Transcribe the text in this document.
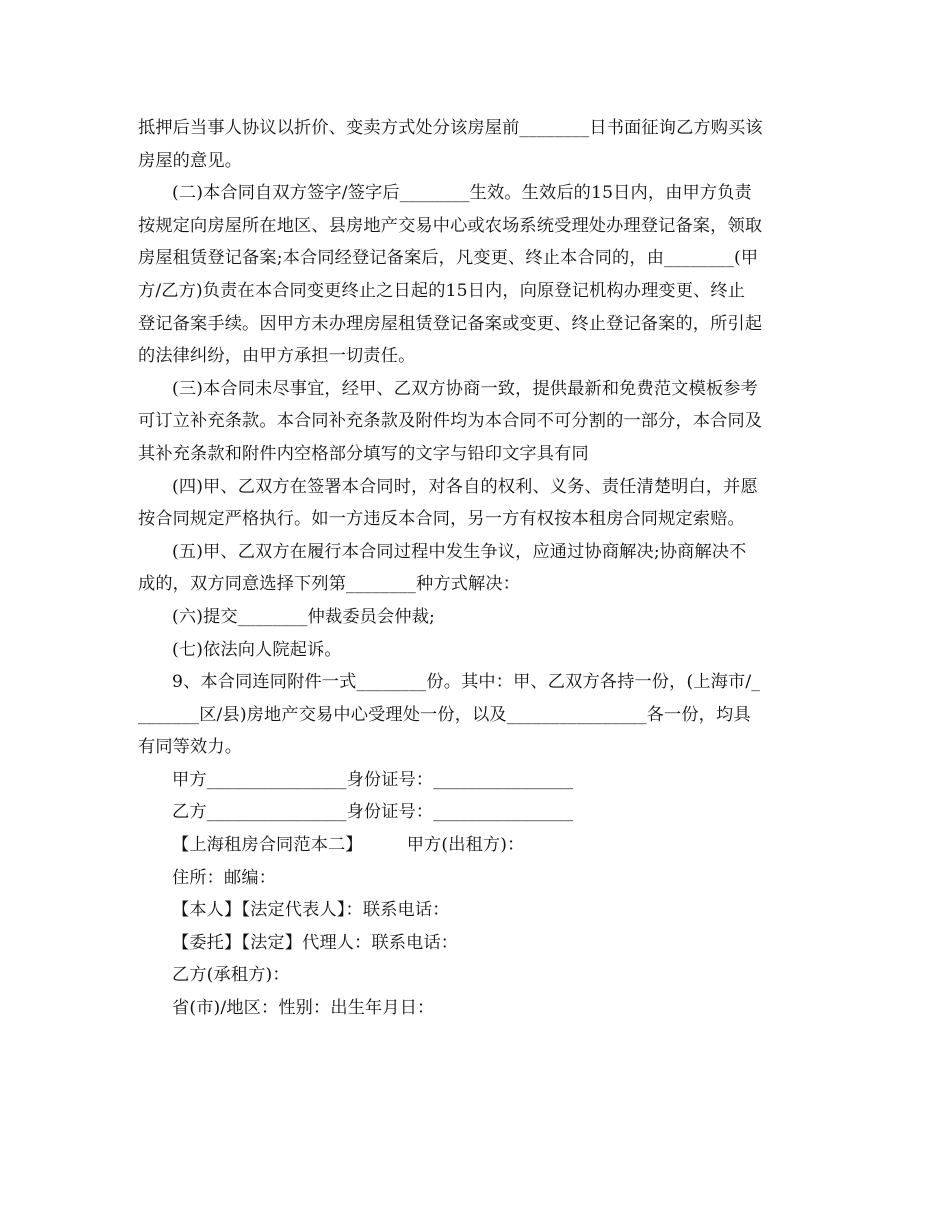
抵押后当事人协议以折价、变卖方式处分该房屋前________日书面征询乙方购买该
房屋的意见。
(二)本合同自双方签字/签字后________生效。生效后的15日内，由甲方负责
按规定向房屋所在地区、县房地产交易中心或农场系统受理处办理登记备案，领取
房屋租赁登记备案;本合同经登记备案后，凡变更、终止本合同的，由________(甲
方/乙方)负责在本合同变更终止之日起的15日内，向原登记机构办理变更、终止
登记备案手续。因甲方未办理房屋租赁登记备案或变更、终止登记备案的，所引起
的法律纠纷，由甲方承担一切责任。
(三)本合同未尽事宜，经甲、乙双方协商一致，提供最新和免费范文模板参考
可订立补充条款。本合同补充条款及附件均为本合同不可分割的一部分，本合同及
其补充条款和附件内空格部分填写的文字与铅印文字具有同
(四)甲、乙双方在签署本合同时，对各自的权利、义务、责任清楚明白，并愿
按合同规定严格执行。如一方违反本合同，另一方有权按本租房合同规定索赔。
(五)甲、乙双方在履行本合同过程中发生争议，应通过协商解决;协商解决不
成的，双方同意选择下列第________种方式解决：
(六)提交________仲裁委员会仲裁;
(七)依法向人院起诉。
9、本合同连同附件一式________份。其中：甲、乙双方各持一份，(上海市/_
_______区/县)房地产交易中心受理处一份，以及________________各一份，均具
有同等效力。
甲方________________身份证号：________________
乙方________________身份证号：________________
【上海租房合同范本二】	甲方(出租方)：
住所：邮编：
【本人】【法定代表人】：联系电话：
【委托】【法定】代理人：联系电话：
乙方(承租方)：
省(市)/地区：性别：出生年月日：
